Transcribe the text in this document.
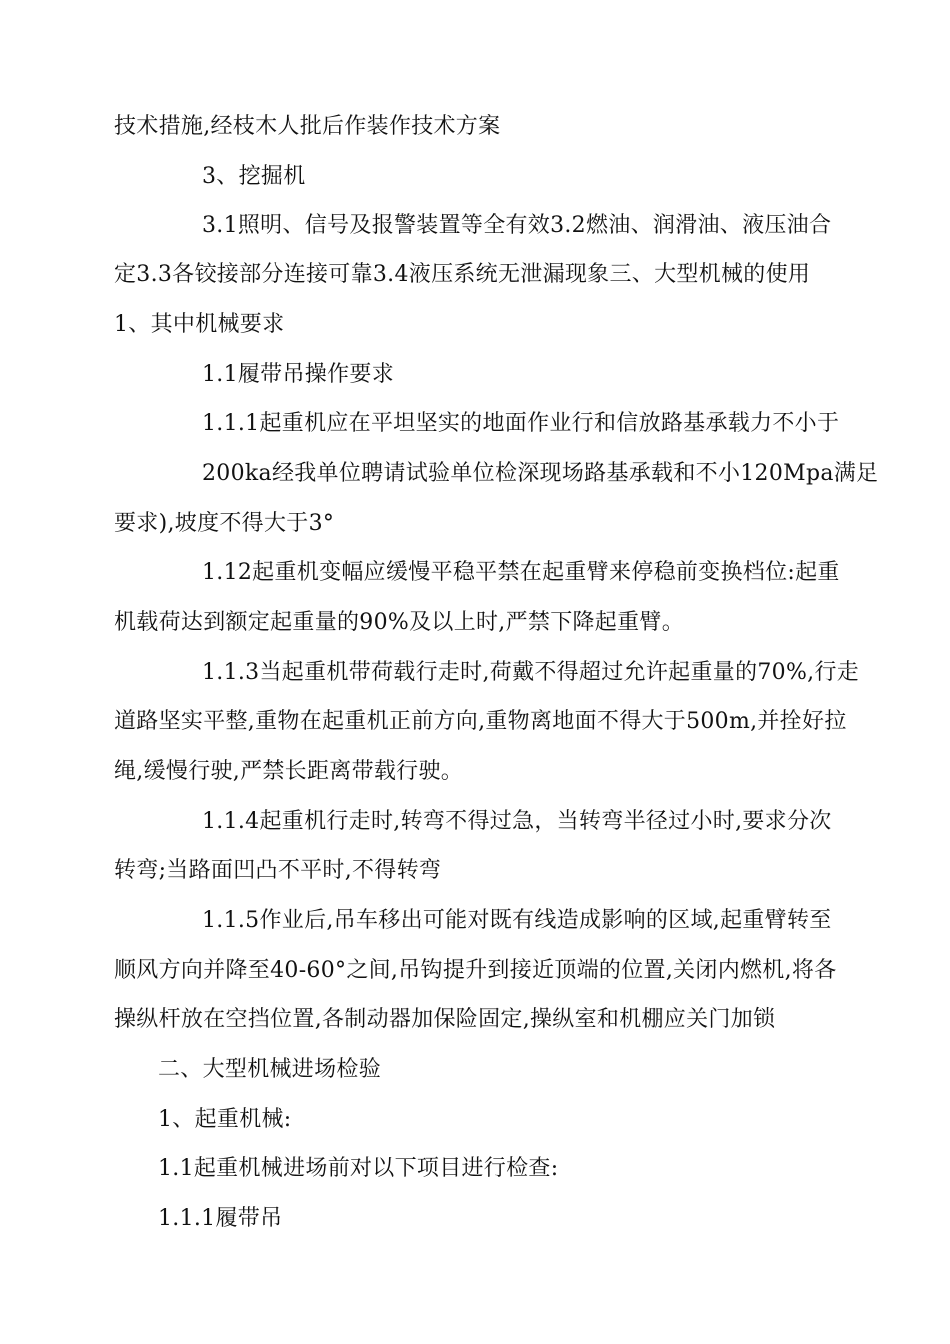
技术措施,经枝木人批后作装作技术方案
3、挖掘机
3.1照明、信号及报警装置等全有效3.2燃油、润滑油、液压油合
定3.3各铰接部分连接可靠3.4液压系统无泄漏现象三、大型机械的使用
1、其中机械要求
1.1履带吊操作要求
1.1.1起重机应在平坦坚实的地面作业行和信放路基承载力不小于
200ka经我单位聘请试验单位检深现场路基承载和不小120Mpa满足
要求),坡度不得大于3°
1.12起重机变幅应缓慢平稳平禁在起重臂来停稳前变换档位:起重
机载荷达到额定起重量的90%及以上时,严禁下降起重臂。
1.1.3当起重机带荷载行走时,荷戴不得超过允许起重量的70%,行走
道路坚实平整,重物在起重机正前方向,重物离地面不得大于500m,并拴好拉
绳,缓慢行驶,严禁长距离带载行驶。
1.1.4起重机行走时,转弯不得过急，当转弯半径过小时,要求分次
转弯;当路面凹凸不平时,不得转弯
1.1.5作业后,吊车移出可能对既有线造成影响的区域,起重臂转至
顺风方向并降至40-60°之间,吊钩提升到接近顶端的位置,关闭内燃机,将各
操纵杆放在空挡位置,各制动器加保险固定,操纵室和机棚应关门加锁
二、大型机械进场检验
1、起重机械:
1.1起重机械进场前对以下项目进行检查:
1.1.1履带吊
